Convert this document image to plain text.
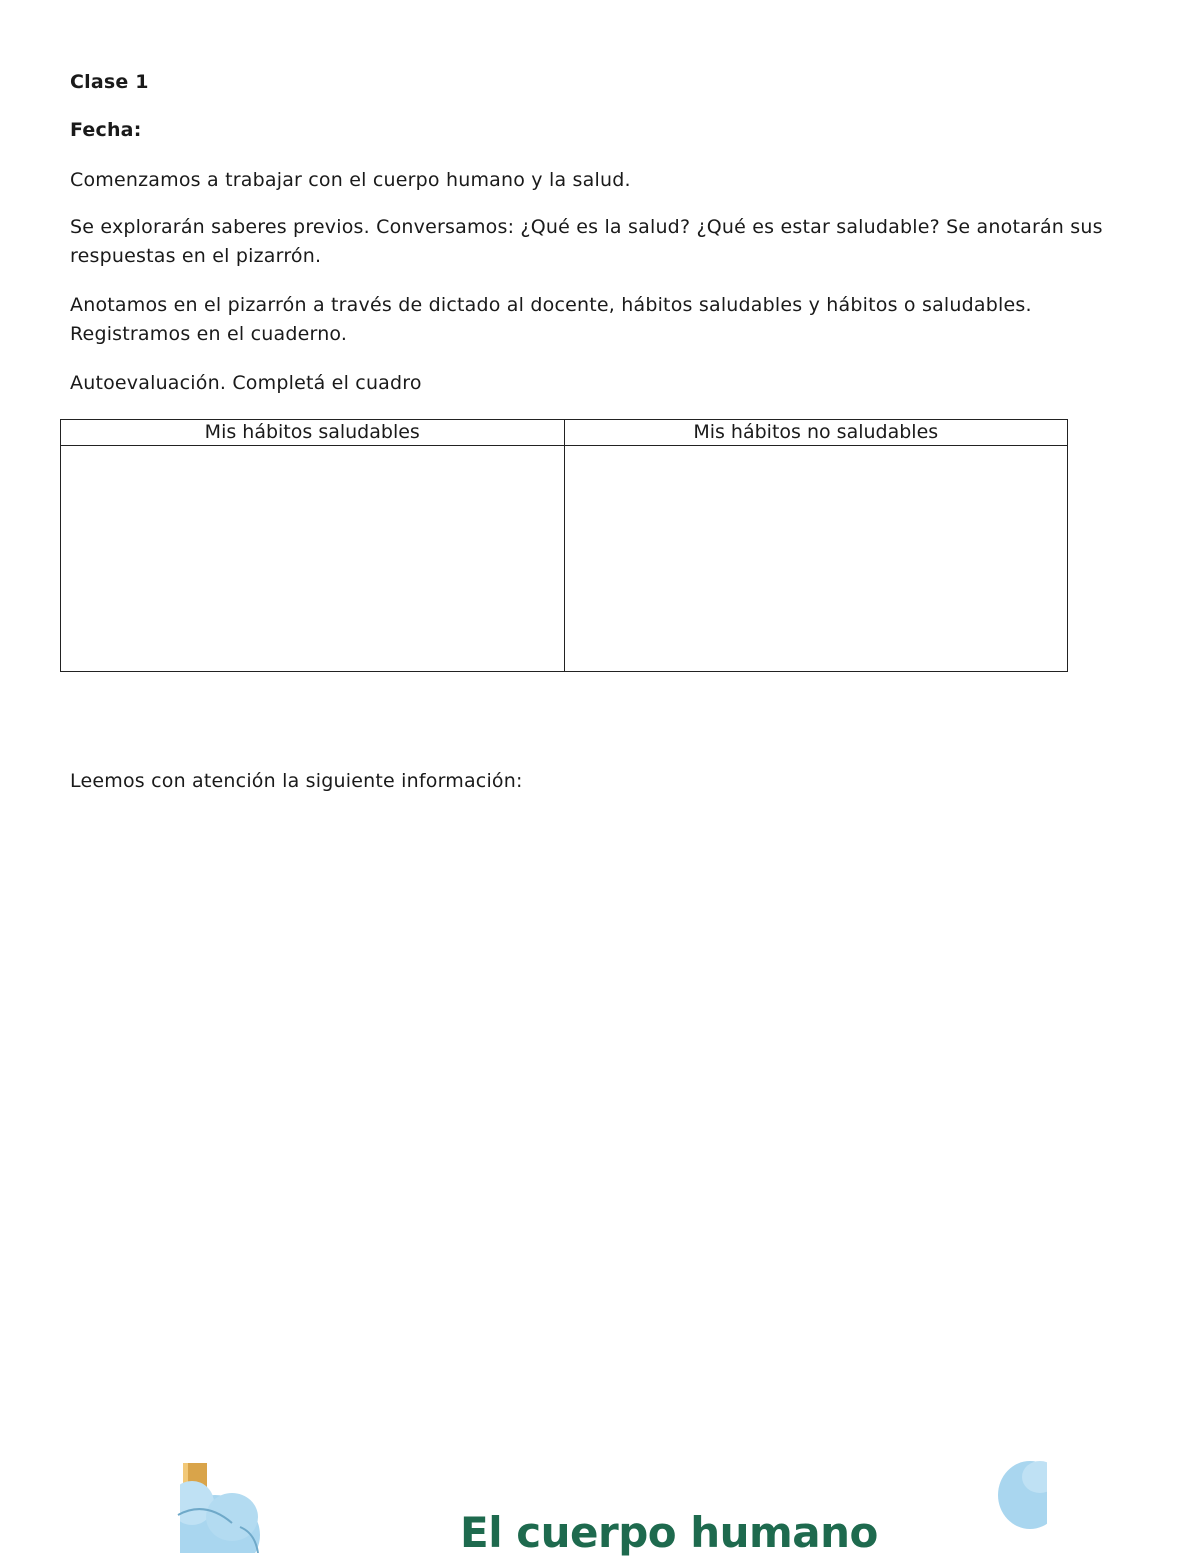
Clase 1

Fecha:

Comenzamos a trabajar con el cuerpo humano y la salud.

Se explorarán saberes previos. Conversamos: ¿Qué es la salud? ¿Qué es estar saludable? Se anotarán sus respuestas en el pizarrón.

Anotamos en el pizarrón a través de dictado al docente, hábitos saludables y hábitos o saludables. Registramos en el cuaderno.

Autoevaluación. Completá el cuadro

Mis hábitos saludables	Mis hábitos no saludables

Leemos con atención la siguiente información:

El cuerpo humano
